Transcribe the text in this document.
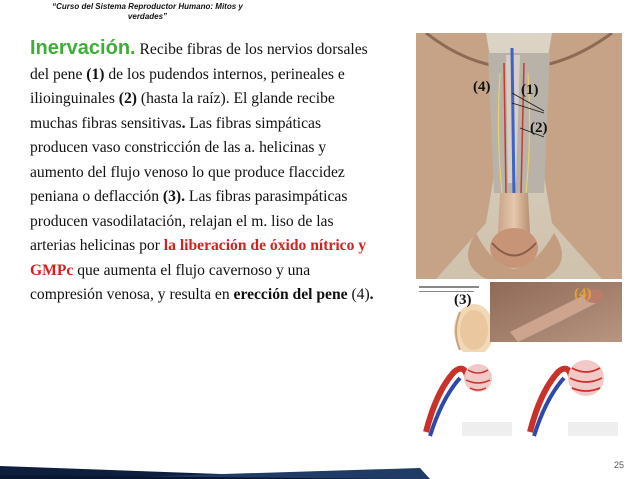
“Curso del Sistema Reproductor Humano: Mitos y verdades”
Inervación. Recibe fibras de los nervios dorsales del pene (1) de los pudendos internos, perineales e ilioinguinales (2) (hasta la raíz). El glande recibe muchas fibras sensitivas. Las fibras simpáticas producen vaso constricción de las a. helicinas y aumento del flujo venoso lo que produce flaccidez peniana o deflacción (3). Las fibras parasimpáticas producen vasodilatación, relajan el m. liso de las arterias helicinas por la liberación de óxido nítrico y GMPc que aumenta el flujo cavernoso y una compresión venosa, y resulta en erección del pene (4).
(4) (1)
(2)
(3)	(4)
25
